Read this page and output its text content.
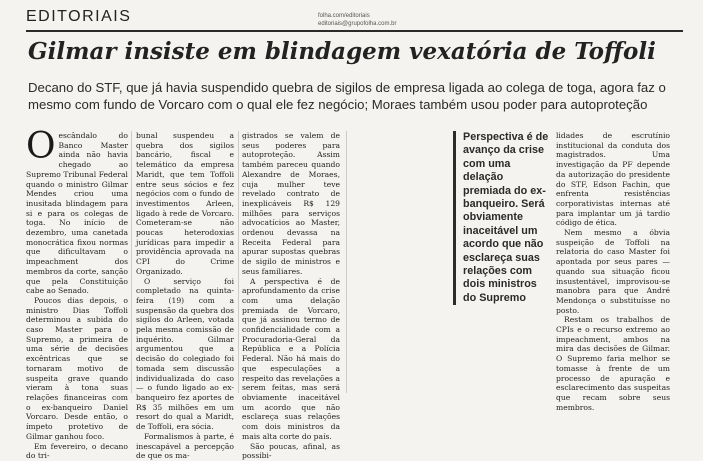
EDITORIAIS	folha.com/editoriais
editoriais@grupofolha.com.br
Gilmar insiste em blindagem vexatória de Toffoli
Decano do STF, que já havia suspendido quebra de sigilos de empresa ligada ao colega de toga, agora faz o mesmo com fundo de Vorcaro com o qual ele fez negócio; Moraes também usou poder para autoproteção

Oescândalo do Banco Master ainda não havia chegado ao Supremo Tribunal Federal quando o ministro Gilmar Mendes criou uma inusitada blindagem para si e para os colegas de toga. No início de dezembro, uma canetada monocrática fixou normas que dificultavam o impeachment dos membros da corte, sanção que pela Constituição cabe ao Senado.

Poucos dias depois, o ministro Dias Toffoli determinou a subida do caso Master para o Supremo, a primeira de uma série de decisões excêntricas que se tornaram motivo de suspeita grave quando vieram à tona suas relações financeiras com o ex-banqueiro Daniel Vorcaro. Desde então, o ímpeto protetivo de Gilmar ganhou foco.

Em fevereiro, o decano do tri-

bunal suspendeu a quebra dos sigilos bancário, fiscal e telemático da empresa Maridt, que tem Toffoli entre seus sócios e fez negócios com o fundo de investimentos Arleen, ligado à rede de Vorcaro. Cometeram-se não poucas heterodoxias jurídicas para impedir a providência aprovada na CPI do Crime Organizado.

O serviço foi completado na quinta-feira (19) com a suspensão da quebra dos sigilos do Arleen, votada pela mesma comissão de inquérito. Gilmar argumentou que a decisão do colegiado foi tomada sem discussão individualizada do caso — o fundo ligado ao ex-banqueiro fez aportes de R$ 35 milhões em um resort do qual a Maridt, de Toffoli, era sócia.

Formalismos à parte, é inescapável a percepção de que os ma-

gistrados se valem de seus poderes para autoproteção. Assim também pareceu quando Alexandre de Moraes, cuja mulher teve revelado contrato de inexplicáveis R$ 129 milhões para serviços advocatícios ao Master, ordenou devassa na Receita Federal para apurar supostas quebras de sigilo de ministros e seus familiares.

A perspectiva é de aprofundamento da crise com uma delação premiada de Vorcaro, que já assinou termo de confidencialidade com a Procuradoria-Geral da República e a Polícia Federal. Não há mais do que especulações a respeito das revelações a serem feitas, mas será obviamente inaceitável um acordo que não esclareça suas relações com dois ministros da mais alta corte do país.

São poucas, afinal, as possibi-

lidades de escrutínio institucional da conduta dos magistrados. Uma investigação da PF depende da autorização do presidente do STF, Edson Fachin, que enfrenta resistências corporativistas internas até para implantar um já tardio código de ética.

Nem mesmo a óbvia suspeição de Toffoli na relatoria do caso Master foi apontada por seus pares — quando sua situação ficou insustentável, improvisou-se manobra para que André Mendonça o substituísse no posto.

Restam os trabalhos de CPIs e o recurso extremo ao impeachment, ambos na mira das decisões de Gilmar. O Supremo faria melhor se tomasse à frente de um processo de apuração e esclarecimento das suspeitas que recam sobre seus membros.

Perspectiva é de avanço da crise com uma delação premiada do ex-banqueiro. Será obviamente inaceitável um acordo que não esclareça suas relações com dois ministros do Supremo
